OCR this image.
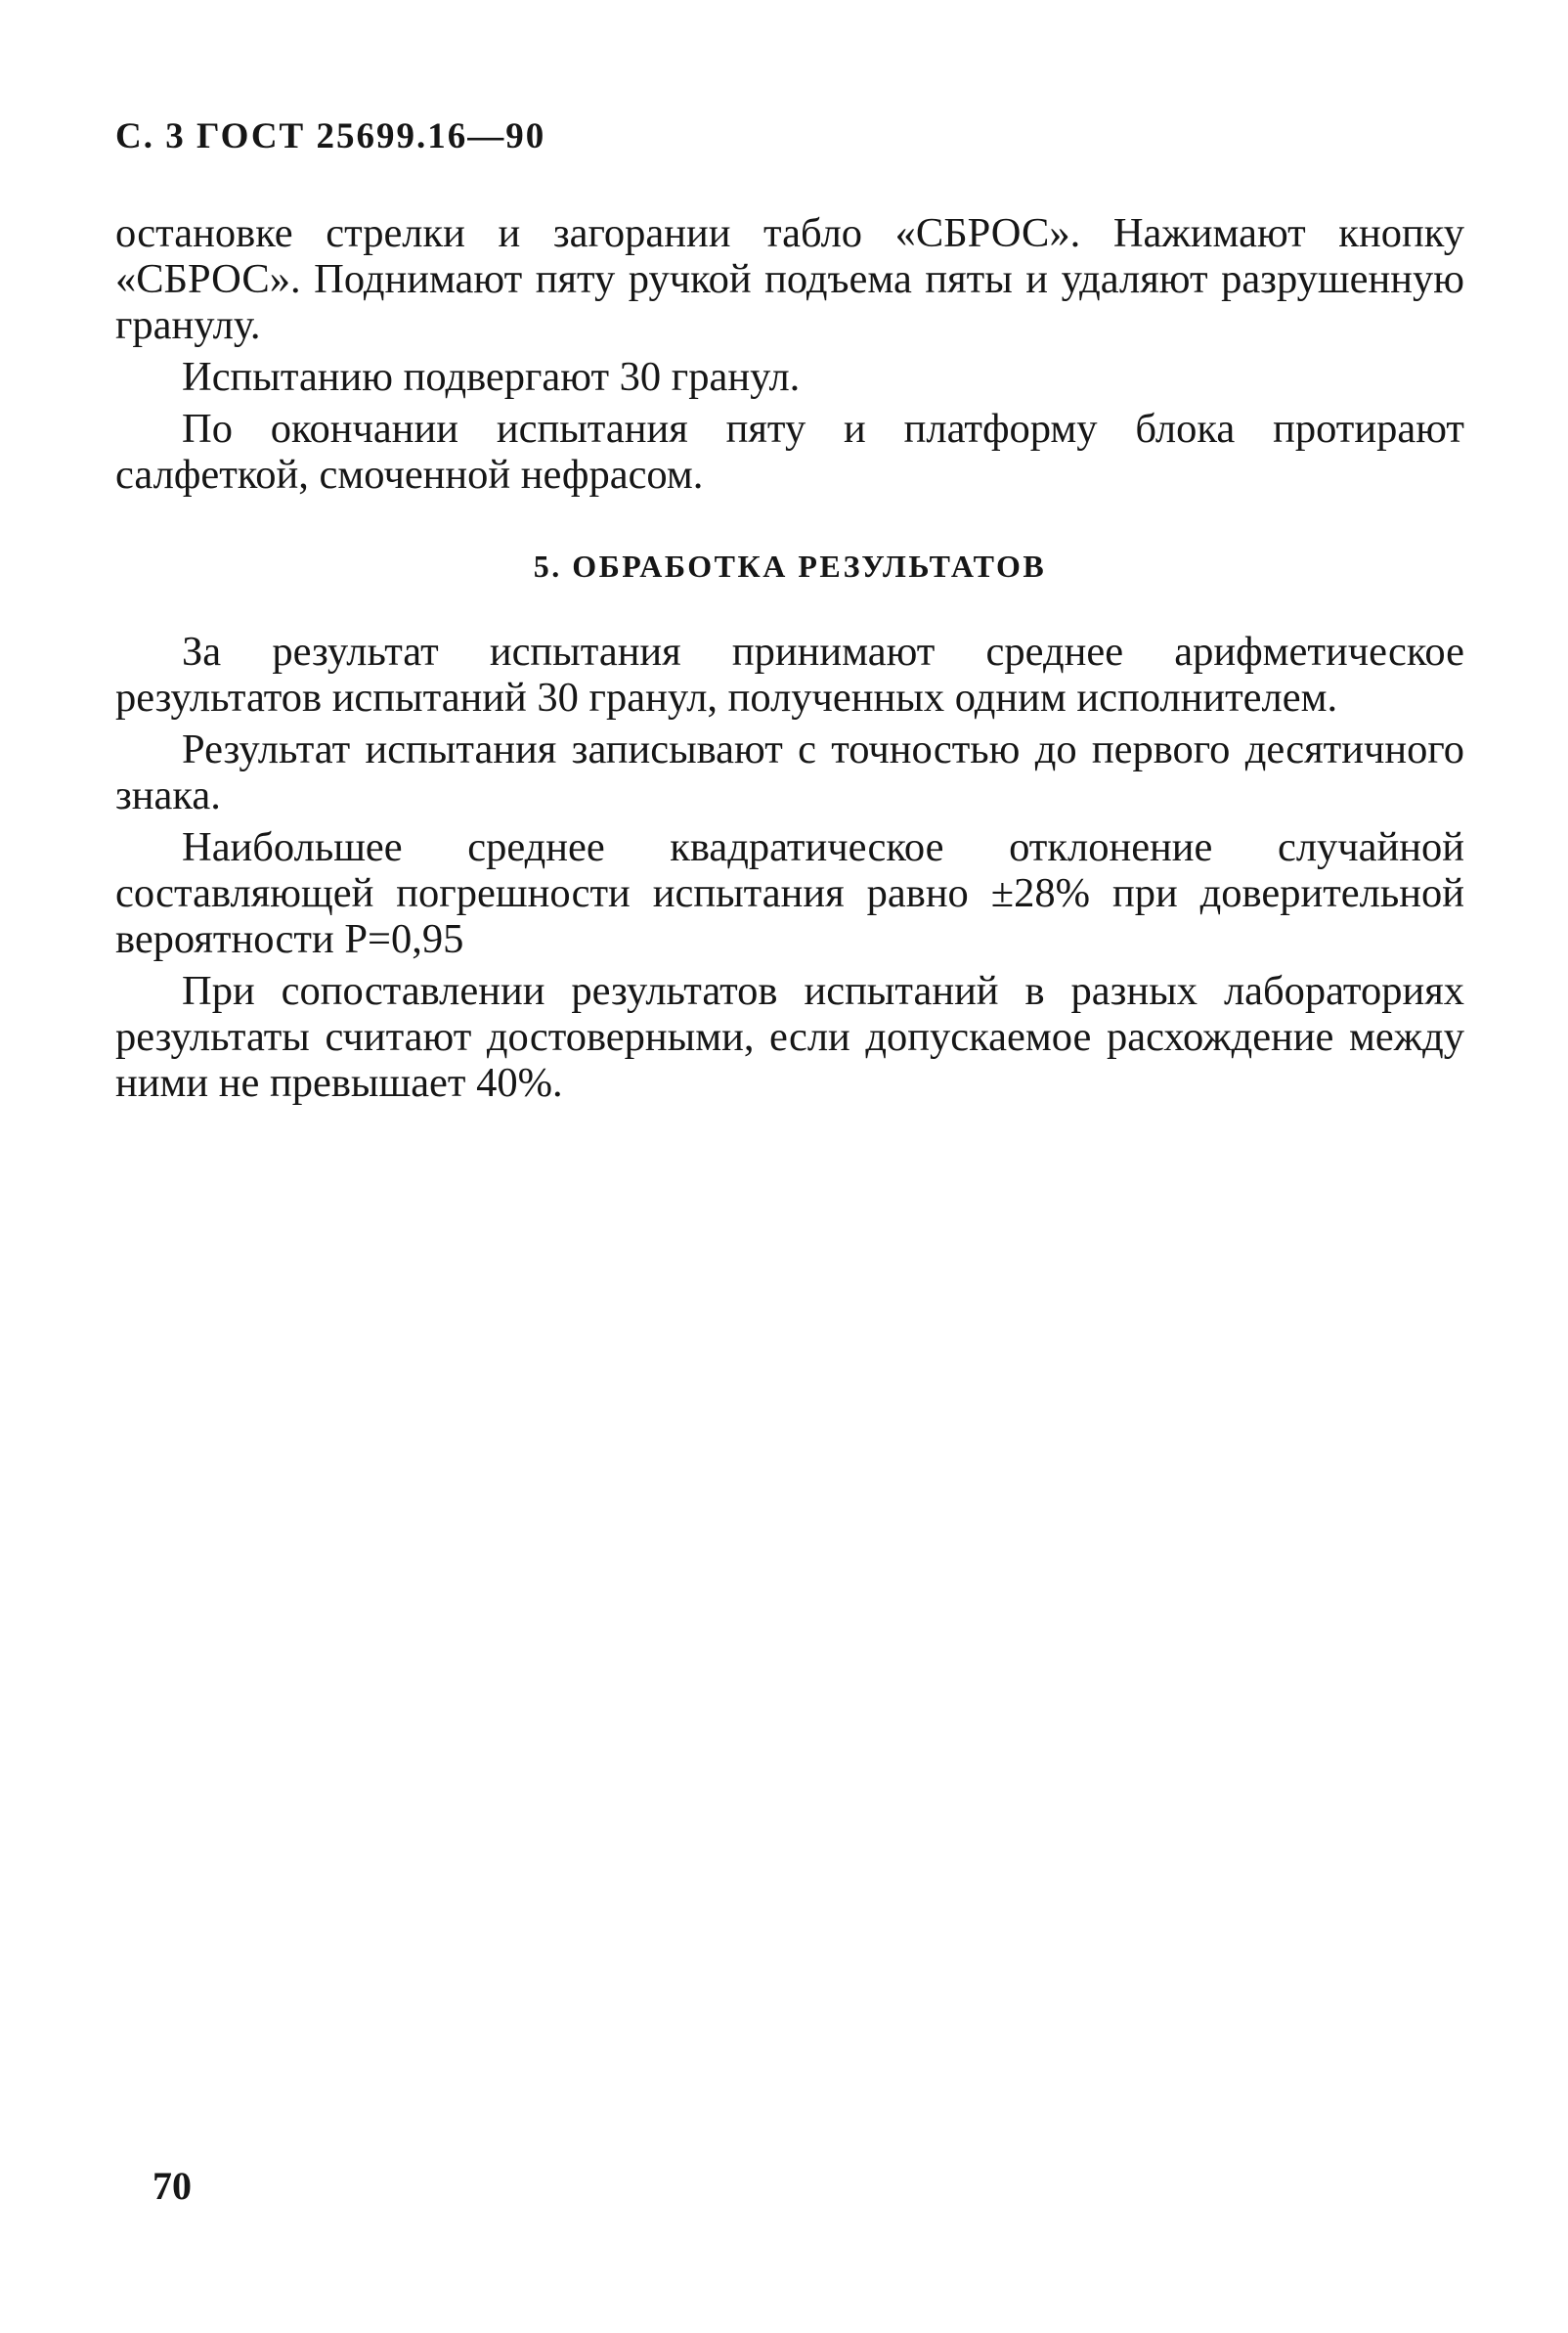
С. 3 ГОСТ 25699.16—90

остановке стрелки и загорании табло «СБРОС». Нажимают кнопку «СБРОС». Поднимают пяту ручкой подъема пяты и удаляют разрушенную гранулу.

Испытанию подвергают 30 гранул.

По окончании испытания пяту и платформу блока протирают салфеткой, смоченной нефрасом.

5. ОБРАБОТКА РЕЗУЛЬТАТОВ

За результат испытания принимают среднее арифметическое результатов испытаний 30 гранул, полученных одним исполнителем.

Результат испытания записывают с точностью до первого десятичного знака.

Наибольшее среднее квадратическое отклонение случайной составляющей погрешности испытания равно ±28% при доверительной вероятности P=0,95

При сопоставлении результатов испытаний в разных лабораториях результаты считают достоверными, если допускаемое расхождение между ними не превышает 40%.

70
